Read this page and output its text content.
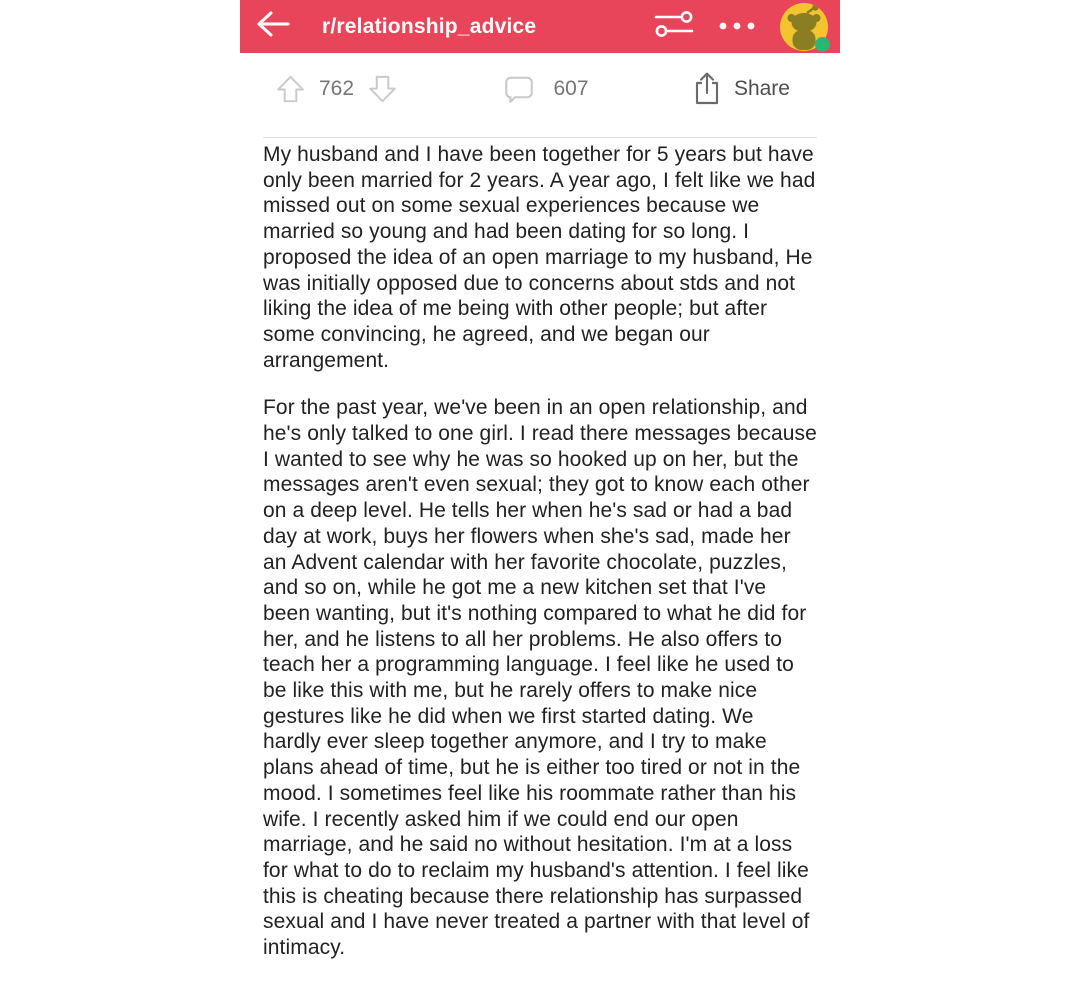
r/relationship_advice
762	607	Share

My husband and I have been together for 5 years but have only been married for 2 years. A year ago, I felt like we had missed out on some sexual experiences because we married so young and had been dating for so long. I proposed the idea of an open marriage to my husband, He was initially opposed due to concerns about stds and not liking the idea of me being with other people; but after some convincing, he agreed, and we began our arrangement.

For the past year, we've been in an open relationship, and he's only talked to one girl. I read there messages because I wanted to see why he was so hooked up on her, but the messages aren't even sexual; they got to know each other on a deep level. He tells her when he's sad or had a bad day at work, buys her flowers when she's sad, made her an Advent calendar with her favorite chocolate, puzzles, and so on, while he got me a new kitchen set that I've been wanting, but it's nothing compared to what he did for her, and he listens to all her problems. He also offers to teach her a programming language. I feel like he used to be like this with me, but he rarely offers to make nice gestures like he did when we first started dating. We hardly ever sleep together anymore, and I try to make plans ahead of time, but he is either too tired or not in the mood. I sometimes feel like his roommate rather than his wife. I recently asked him if we could end our open marriage, and he said no without hesitation. I'm at a loss for what to do to reclaim my husband's attention. I feel like this is cheating because there relationship has surpassed sexual and I have never treated a partner with that level of intimacy.
